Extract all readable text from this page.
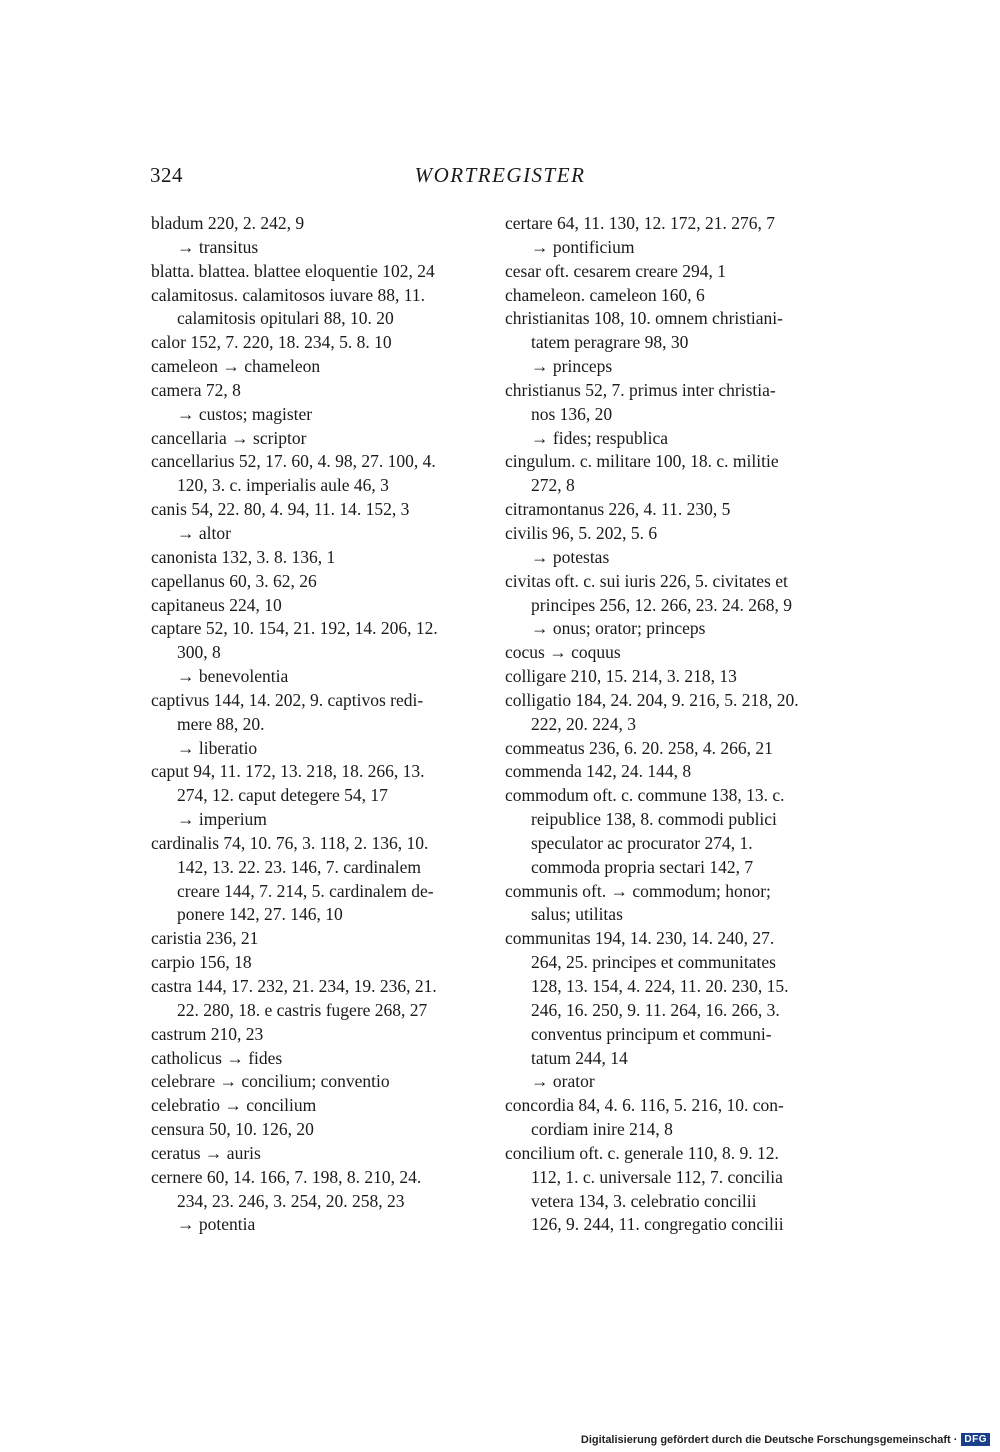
324	WORTREGISTER
bladum 220, 2. 242, 9
→ transitus
blatta. blattea. blattee eloquentie 102, 24
calamitosus. calamitosos iuvare 88, 11.
calamitosis opitulari 88, 10. 20
calor 152, 7. 220, 18. 234, 5. 8. 10
cameleon → chameleon
camera 72, 8
→ custos; magister
cancellaria → scriptor
cancellarius 52, 17. 60, 4. 98, 27. 100, 4.
120, 3. c. imperialis aule 46, 3
canis 54, 22. 80, 4. 94, 11. 14. 152, 3
→ altor
canonista 132, 3. 8. 136, 1
capellanus 60, 3. 62, 26
capitaneus 224, 10
captare 52, 10. 154, 21. 192, 14. 206, 12.
300, 8
→ benevolentia
captivus 144, 14. 202, 9. captivos redi-
mere 88, 20.
→ liberatio
caput 94, 11. 172, 13. 218, 18. 266, 13.
274, 12. caput detegere 54, 17
→ imperium
cardinalis 74, 10. 76, 3. 118, 2. 136, 10.
142, 13. 22. 23. 146, 7. cardinalem
creare 144, 7. 214, 5. cardinalem de-
ponere 142, 27. 146, 10
caristia 236, 21
carpio 156, 18
castra 144, 17. 232, 21. 234, 19. 236, 21.
22. 280, 18. e castris fugere 268, 27
castrum 210, 23
catholicus → fides
celebrare → concilium; conventio
celebratio → concilium
censura 50, 10. 126, 20
ceratus → auris
cernere 60, 14. 166, 7. 198, 8. 210, 24.
234, 23. 246, 3. 254, 20. 258, 23
→ potentia
certare 64, 11. 130, 12. 172, 21. 276, 7
→ pontificium
cesar oft. cesarem creare 294, 1
chameleon. cameleon 160, 6
christianitas 108, 10. omnem christiani-
tatem peragrare 98, 30
→ princeps
christianus 52, 7. primus inter christia-
nos 136, 20
→ fides; respublica
cingulum. c. militare 100, 18. c. militie
272, 8
citramontanus 226, 4. 11. 230, 5
civilis 96, 5. 202, 5. 6
→ potestas
civitas oft. c. sui iuris 226, 5. civitates et
principes 256, 12. 266, 23. 24. 268, 9
→ onus; orator; princeps
cocus → coquus
colligare 210, 15. 214, 3. 218, 13
colligatio 184, 24. 204, 9. 216, 5. 218, 20.
222, 20. 224, 3
commeatus 236, 6. 20. 258, 4. 266, 21
commenda 142, 24. 144, 8
commodum oft. c. commune 138, 13. c.
reipublice 138, 8. commodi publici
speculator ac procurator 274, 1.
commoda propria sectari 142, 7
communis oft. → commodum; honor;
salus; utilitas
communitas 194, 14. 230, 14. 240, 27.
264, 25. principes et communitates
128, 13. 154, 4. 224, 11. 20. 230, 15.
246, 16. 250, 9. 11. 264, 16. 266, 3.
conventus principum et communi-
tatum 244, 14
→ orator
concordia 84, 4. 6. 116, 5. 216, 10. con-
cordiam inire 214, 8
concilium oft. c. generale 110, 8. 9. 12.
112, 1. c. universale 112, 7. concilia
vetera 134, 3. celebratio concilii
126, 9. 244, 11. congregatio concilii
Digitalisierung gefördert durch die Deutsche Forschungsgemeinschaft · DFG
